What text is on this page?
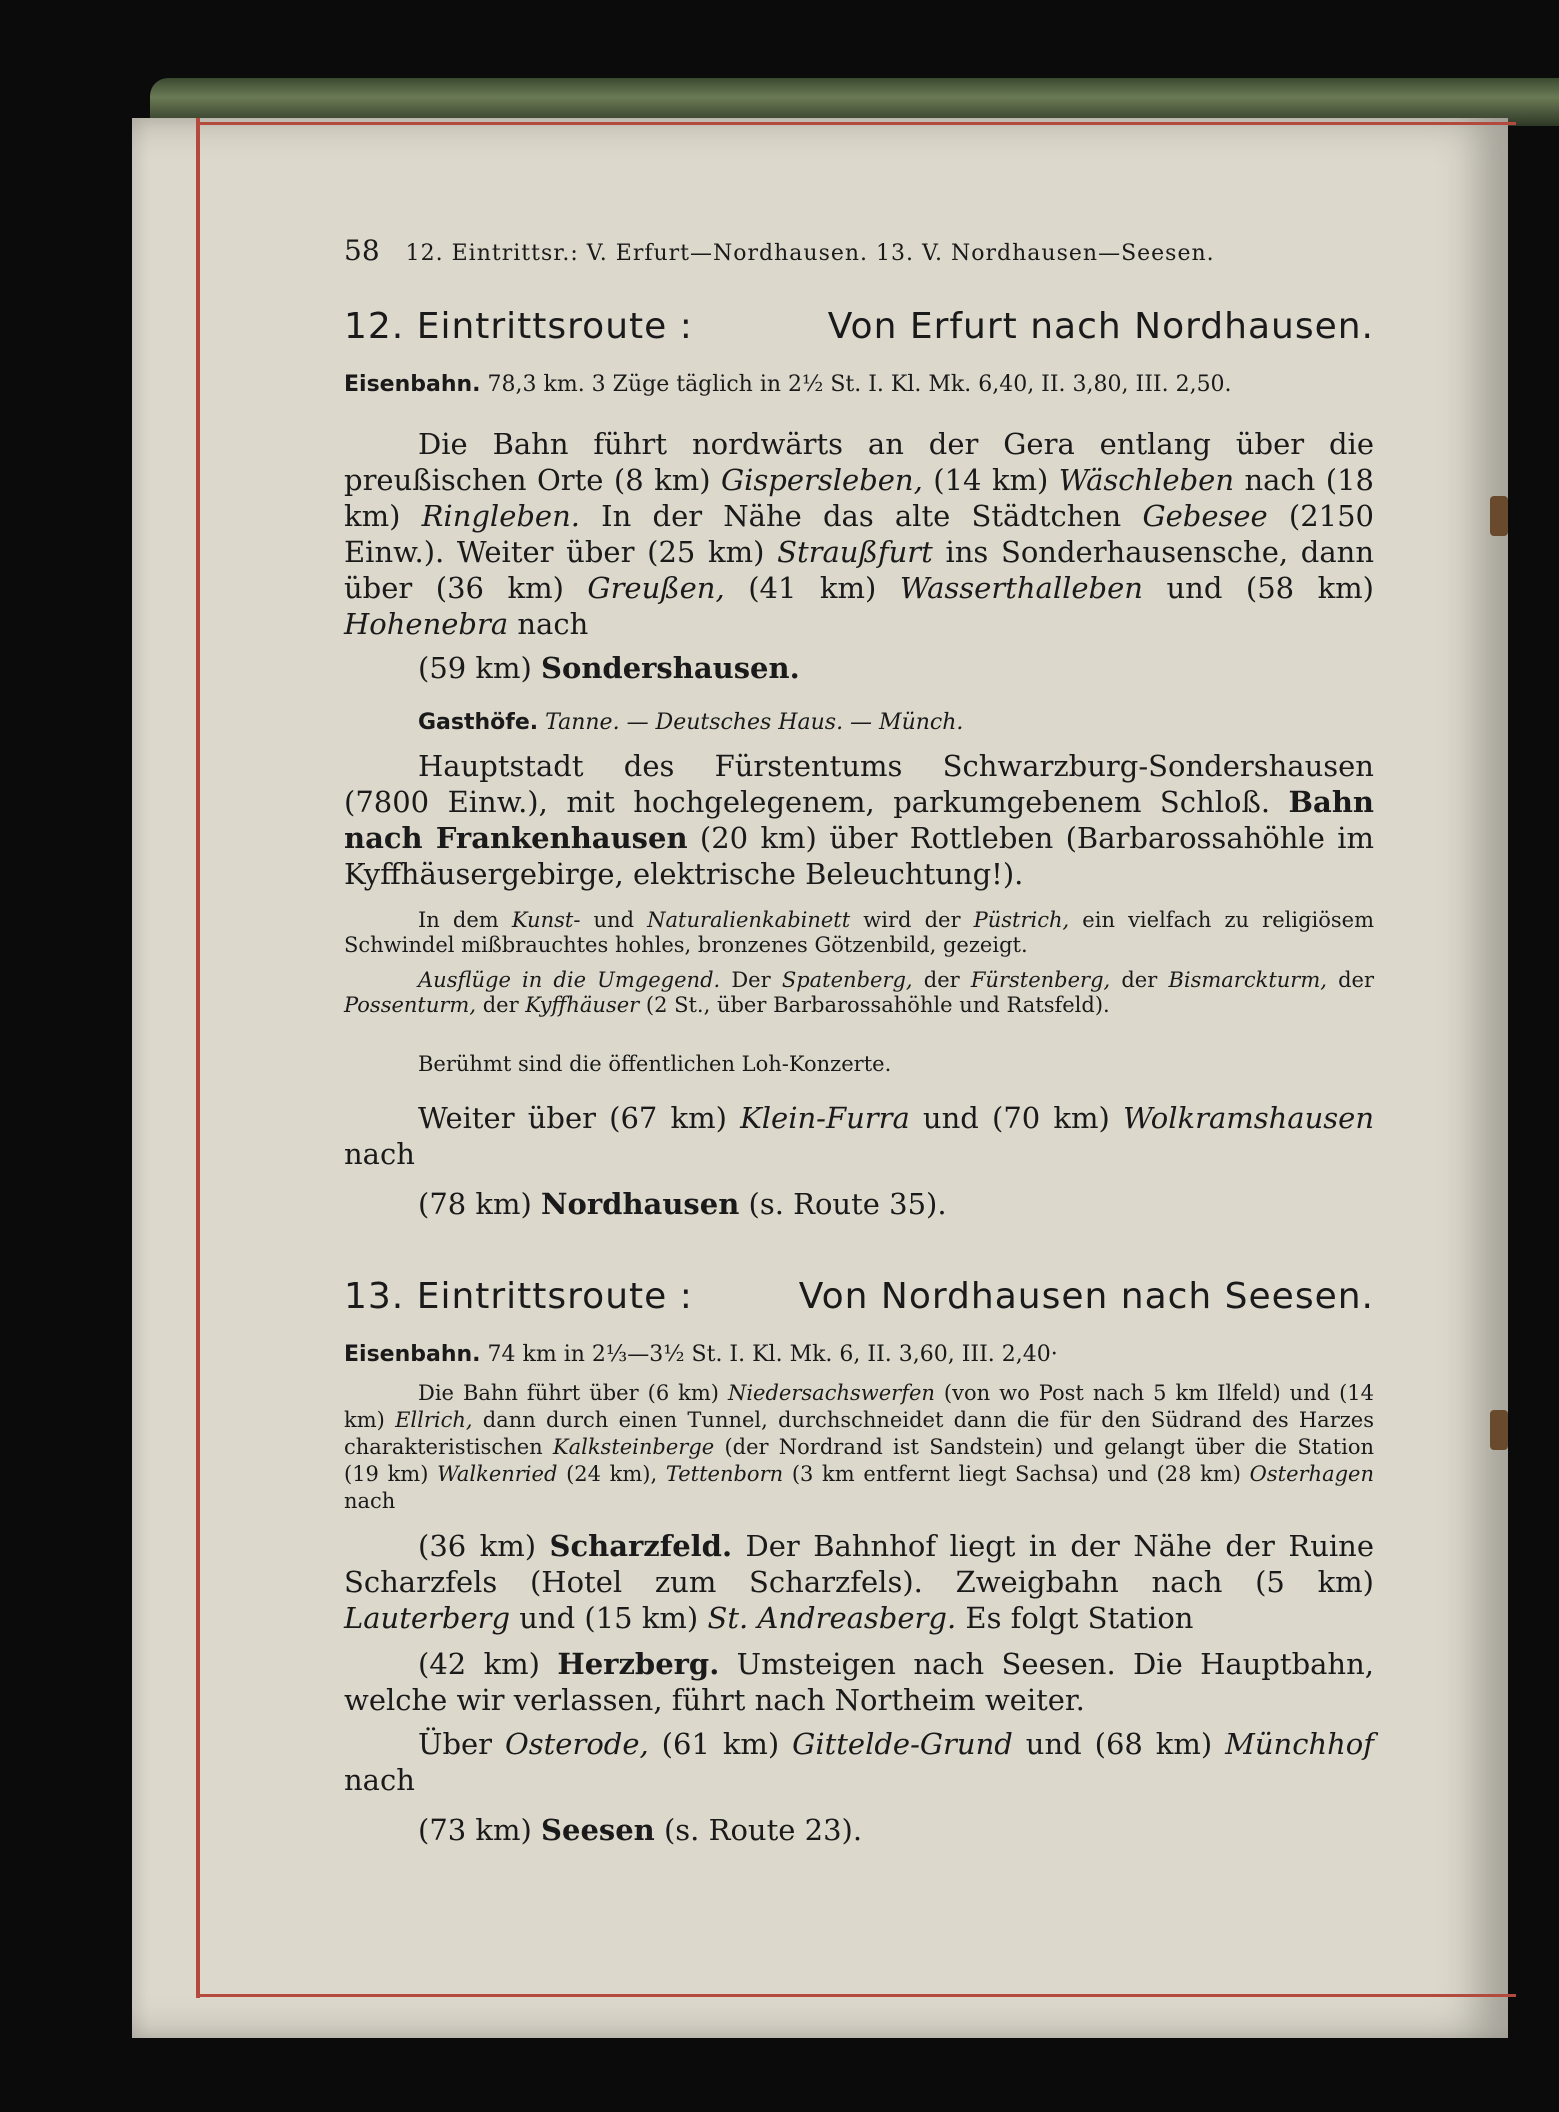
58 12. Eintrittsr.: V. Erfurt—Nordhausen. 13. V. Nordhausen—Seesen.
12. Eintrittsroute :	Von Erfurt nach Nordhausen.

Eisenbahn. 78,3 km. 3 Züge täglich in 2½ St. I. Kl. Mk. 6,40, II. 3,80, III. 2,50.

Die Bahn führt nordwärts an der Gera entlang über die preußischen Orte (8 km) Gispersleben, (14 km) Wäschleben nach (18 km) Ringleben. In der Nähe das alte Städtchen Gebesee (2150 Einw.). Weiter über (25 km) Straußfurt ins Sonderhausensche, dann über (36 km) Greußen, (41 km) Wasserthalleben und (58 km) Hohenebra nach

(59 km) Sondershausen.

Gasthöfe. Tanne. — Deutsches Haus. — Münch.

Hauptstadt des Fürstentums Schwarzburg-Sondershausen (7800 Einw.), mit hochgelegenem, parkumgebenem Schloß. Bahn nach Frankenhausen (20 km) über Rottleben (Barbarossahöhle im Kyffhäusergebirge, elektrische Beleuchtung!).

In dem Kunst- und Naturalienkabinett wird der Püstrich, ein vielfach zu religiösem Schwindel mißbrauchtes hohles, bronzenes Götzenbild, gezeigt.

Ausflüge in die Umgegend. Der Spatenberg, der Fürstenberg, der Bismarckturm, der Possenturm, der Kyffhäuser (2 St., über Barbarossahöhle und Ratsfeld).

Berühmt sind die öffentlichen Loh-Konzerte.

Weiter über (67 km) Klein-Furra und (70 km) Wolkramshausen nach

(78 km) Nordhausen (s. Route 35).

13. Eintrittsroute :	Von Nordhausen nach Seesen.

Eisenbahn. 74 km in 2⅓—3½ St. I. Kl. Mk. 6, II. 3,60, III. 2,40·

Die Bahn führt über (6 km) Niedersachswerfen (von wo Post nach 5 km Ilfeld) und (14 km) Ellrich, dann durch einen Tunnel, durchschneidet dann die für den Südrand des Harzes charakteristischen Kalksteinberge (der Nordrand ist Sandstein) und gelangt über die Station (19 km) Walkenried (24 km), Tettenborn (3 km entfernt liegt Sachsa) und (28 km) Osterhagen nach

(36 km) Scharzfeld. Der Bahnhof liegt in der Nähe der Ruine Scharzfels (Hotel zum Scharzfels). Zweigbahn nach (5 km) Lauterberg und (15 km) St. Andreasberg. Es folgt Station

(42 km) Herzberg. Umsteigen nach Seesen. Die Hauptbahn, welche wir verlassen, führt nach Northeim weiter.

Über Osterode, (61 km) Gittelde-Grund und (68 km) Münchhof nach

(73 km) Seesen (s. Route 23).
